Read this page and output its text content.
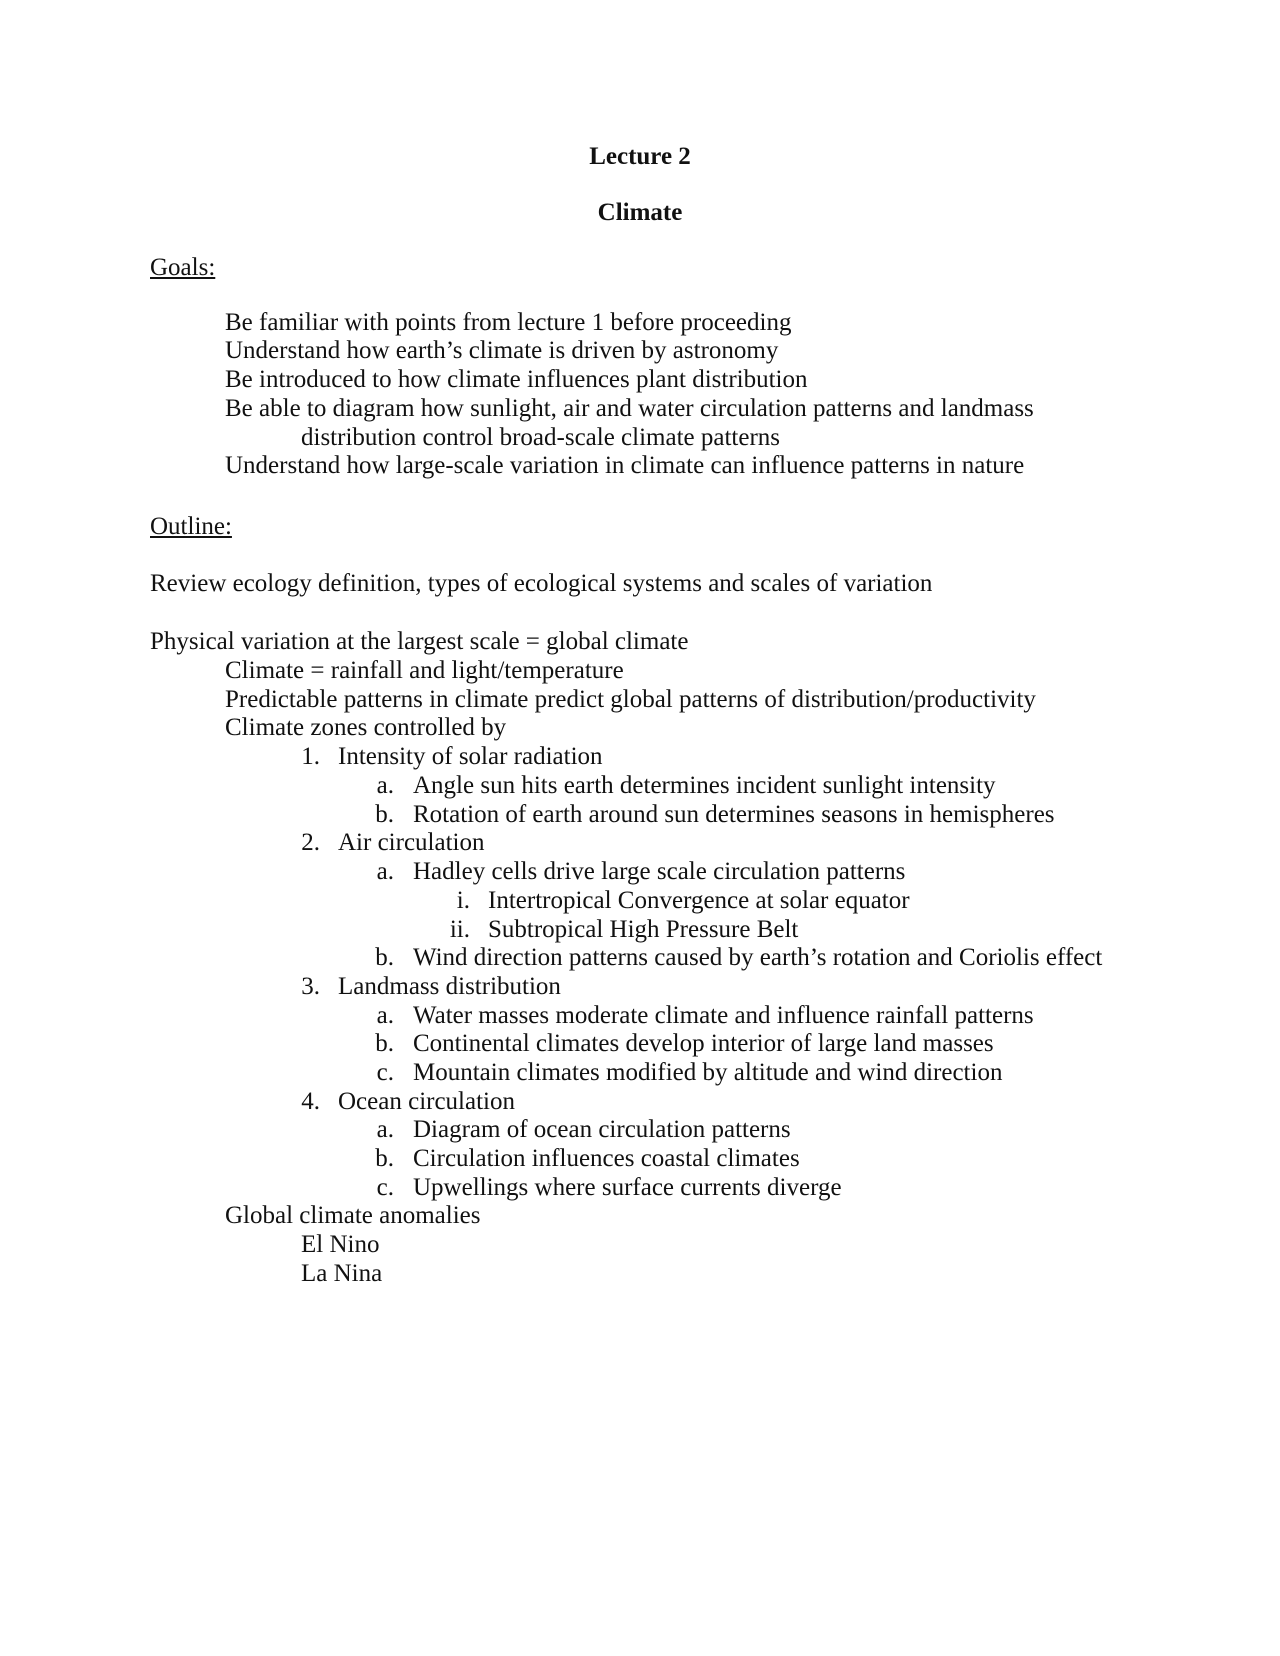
Lecture 2
Climate
Goals:
Be familiar with points from lecture 1 before proceeding
Understand how earth’s climate is driven by astronomy
Be introduced to how climate influences plant distribution
Be able to diagram how sunlight, air and water circulation patterns and landmass
distribution control broad-scale climate patterns
Understand how large-scale variation in climate can influence patterns in nature
Outline:
Review ecology definition, types of ecological systems and scales of variation
Physical variation at the largest scale = global climate
Climate = rainfall and light/temperature
Predictable patterns in climate predict global patterns of distribution/productivity
Climate zones controlled by
1. Intensity of solar radiation
a. Angle sun hits earth determines incident sunlight intensity
b. Rotation of earth around sun determines seasons in hemispheres
2. Air circulation
a. Hadley cells drive large scale circulation patterns
i. Intertropical Convergence at solar equator
ii. Subtropical High Pressure Belt
b. Wind direction patterns caused by earth’s rotation and Coriolis effect
3. Landmass distribution
a. Water masses moderate climate and influence rainfall patterns
b. Continental climates develop interior of large land masses
c. Mountain climates modified by altitude and wind direction
4. Ocean circulation
a. Diagram of ocean circulation patterns
b. Circulation influences coastal climates
c. Upwellings where surface currents diverge
Global climate anomalies
El Nino
La Nina
